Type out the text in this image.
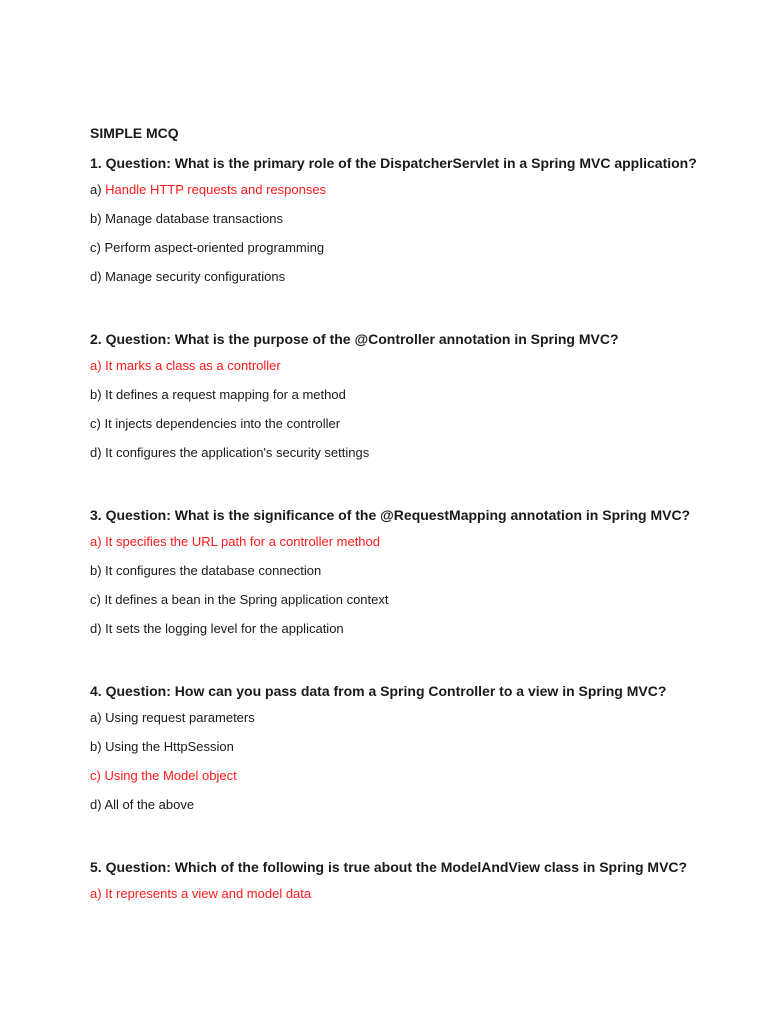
SIMPLE MCQ
1. Question: What is the primary role of the DispatcherServlet in a Spring MVC application?
a) Handle HTTP requests and responses
b) Manage database transactions
c) Perform aspect-oriented programming
d) Manage security configurations
2. Question: What is the purpose of the @Controller annotation in Spring MVC?
a) It marks a class as a controller
b) It defines a request mapping for a method
c) It injects dependencies into the controller
d) It configures the application's security settings
3. Question: What is the significance of the @RequestMapping annotation in Spring MVC?
a) It specifies the URL path for a controller method
b) It configures the database connection
c) It defines a bean in the Spring application context
d) It sets the logging level for the application
4. Question: How can you pass data from a Spring Controller to a view in Spring MVC?
a) Using request parameters
b) Using the HttpSession
c) Using the Model object
d) All of the above
5. Question: Which of the following is true about the ModelAndView class in Spring MVC?
a) It represents a view and model data
